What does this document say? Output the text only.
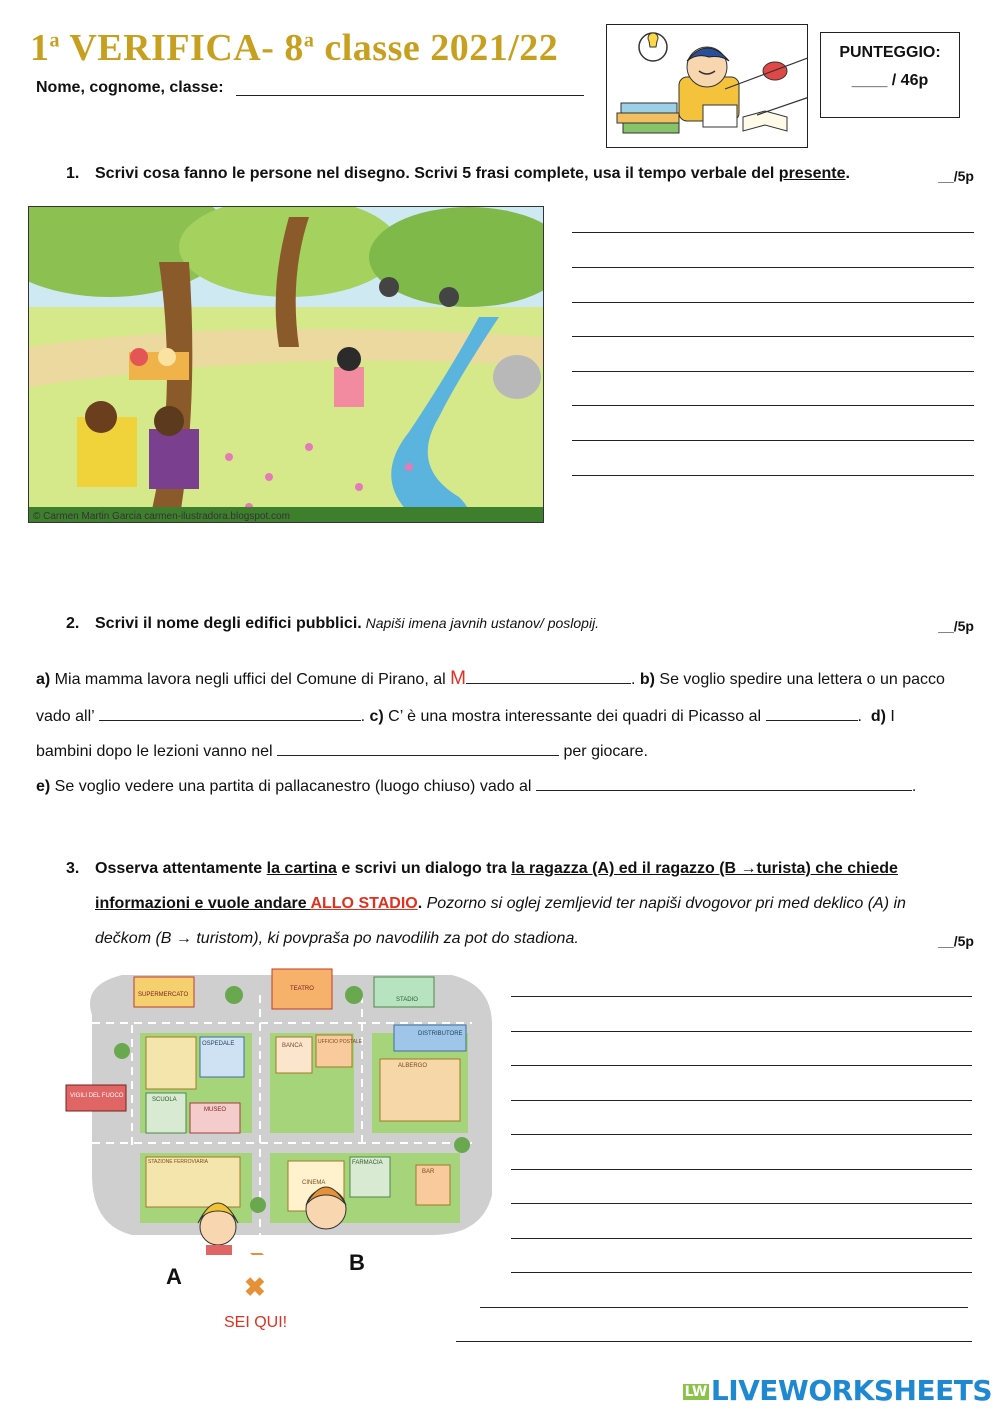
1$^a$ VERIFICA- 8$^a$ classe 2021/22
Nome, cognome, classe:
PUNTEGGIO:
____ / 46p
1. Scrivi cosa fanno le persone nel disegno. Scrivi 5 frasi complete, usa il tempo verbale del presente.	__/5p
© Carmen Martin Garcia carmen-ilustradora.blogspot.com
2. Scrivi il nome degli edifici pubblici. Napiši imena javnih ustanov/ poslopij.	__/5p
a) Mia mamma lavora negli uffici del Comune di Pirano, al M	. b) Se voglio spedire una lettera o un pacco
vado all’	. c) C’ è una mostra interessante dei quadri di Picasso al	.  d) I
bambini dopo le lezioni vanno nel	per giocare.
e) Se voglio vedere una partita di pallacanestro (luogo chiuso) vado al	.
3. Osserva attentamente la cartina e scrivi un dialogo tra la ragazza (A) ed il ragazzo (B →turista) che chiede
informazioni e vuole andare ALLO STADIO. Pozorno si oglej zemljevid ter napiši dvogovor pri med deklico (A) in
dečkom (B → turistom), ki povpraša po navodilih za pot do stadiona.	__/5p
SUPERMERCATO
TEATRO
STADIO
DISTRIBUTORE
OSPEDALE	BANCA
UFFICIO POSTALE
ALBERGO
VIGILI DEL FUOCO
SCUOLA
MUSEO
STAZIONE FERROVIARIA
CINEMA
FARMACIA
BAR
A
B
✖
SEI QUI!
LW LIVEWORKSHEETS
